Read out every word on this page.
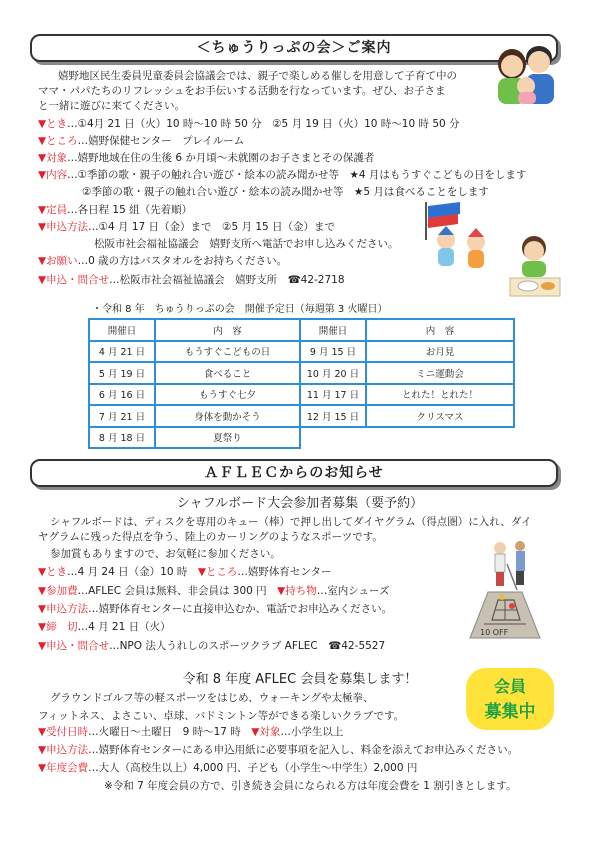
＜ちゅうりっぷの会＞ご案内
嬉野地区民生委員児童委員会協議会では、親子で楽しめる催しを用意して子育て中の
ママ・パパたちのリフレッシュをお手伝いする活動を行なっています。ぜひ、お子さま
と一緒に遊びに来てください。
▼とき…①4月 21 日（火）10 時～10 時 50 分　②5 月 19 日（火）10 時～10 時 50 分
▼ところ…嬉野保健センター　プレイルーム
▼対象…嬉野地域在住の生後 6 か月頃～未就園のお子さまとその保護者
▼内容…①季節の歌・親子の触れ合い遊び・絵本の読み聞かせ等　★4 月はもうすぐこどもの日をします
②季節の歌・親子の触れ合い遊び・絵本の読み聞かせ等　★5 月は食べることをします
▼定員…各日程 15 組（先着順）
▼申込方法…①4 月 17 日（金）まで　②5 月 15 日（金）まで
松阪市社会福祉協議会　嬉野支所へ電話でお申し込みください。
▼お願い…0 歳の方はバスタオルをお持ちください。
▼申込・問合せ…松阪市社会福祉協議会　嬉野支所　☎42-2718
・令和 8 年　ちゅうりっぷの会　開催予定日（毎週第 3 火曜日）
開催日	内　容	開催日	内　容
4 月 21 日	もうすぐこどもの日	9 月 15 日	お月見
5 月 19 日	食べること	10 月 20 日	ミニ運動会
6 月 16 日	もうすぐ七夕	11 月 17 日	とれた！とれた！
7 月 21 日	身体を動かそう	12 月 15 日	クリスマス
8 月 18 日	夏祭り		
ＡＦＬＥＣからのお知らせ
シャフルボード大会参加者募集（要予約）
シャフルボードは、ディスクを専用のキュー（棒）で押し出してダイヤグラム（得点圏）に入れ、ダイ
ヤグラムに残った得点を争う、陸上のカーリングのようなスポーツです。
参加賞もありますので、お気軽に参加ください。
▼とき…4 月 24 日（金）10 時　▼ところ…嬉野体育センター
▼参加費…AFLEC 会員は無料、非会員は 300 円　▼持ち物…室内シューズ
▼申込方法…嬉野体育センターに直接申込むか、電話でお申込みください。
▼締　切…4 月 21 日（火）
▼申込・問合せ…NPO 法人うれしのスポーツクラブ AFLEC　☎42-5527
10 OFF
令和 8 年度 AFLEC 会員を募集します！	会員
募集中
グラウンドゴルフ等の軽スポーツをはじめ、ウォーキングや太極拳、
フィットネス、よさこい、卓球、バドミントン等ができる楽しいクラブです。
▼受付日時…火曜日～土曜日　9 時～17 時　▼対象…小学生以上
▼申込方法…嬉野体育センターにある申込用紙に必要事項を記入し、料金を添えてお申込みください。
▼年度会費…大人（高校生以上）4,000 円、子ども（小学生～中学生）2,000 円
※令和 7 年度会員の方で、引き続き会員になられる方は年度会費を 1 割引きとします。
